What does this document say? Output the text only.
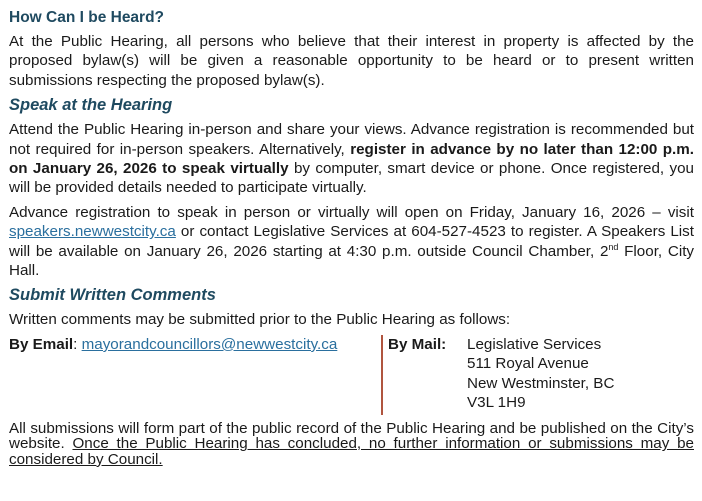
How Can I be Heard?

At the Public Hearing, all persons who believe that their interest in property is affected by the proposed bylaw(s) will be given a reasonable opportunity to be heard or to present written submissions respecting the proposed bylaw(s).

Speak at the Hearing

Attend the Public Hearing in-person and share your views. Advance registration is recommended but not required for in-person speakers. Alternatively, register in advance by no later than 12:00 p.m. on January 26, 2026 to speak virtually by computer, smart device or phone. Once registered, you will be provided details needed to participate virtually.

Advance registration to speak in person or virtually will open on Friday, January 16, 2026 – visit speakers.newwestcity.ca or contact Legislative Services at 604-527-4523 to register. A Speakers List will be available on January 26, 2026 starting at 4:30 p.m. outside Council Chamber, 2nd Floor, City Hall.

Submit Written Comments

Written comments may be submitted prior to the Public Hearing as follows:

By Email: mayorandcouncillors@newwestcity.ca	By Mail:	Legislative Services
511 Royal Avenue
New Westminster, BC
V3L 1H9

All submissions will form part of the public record of the Public Hearing and be published on the City’s website. Once the Public Hearing has concluded, no further information or submissions may be considered by Council.
